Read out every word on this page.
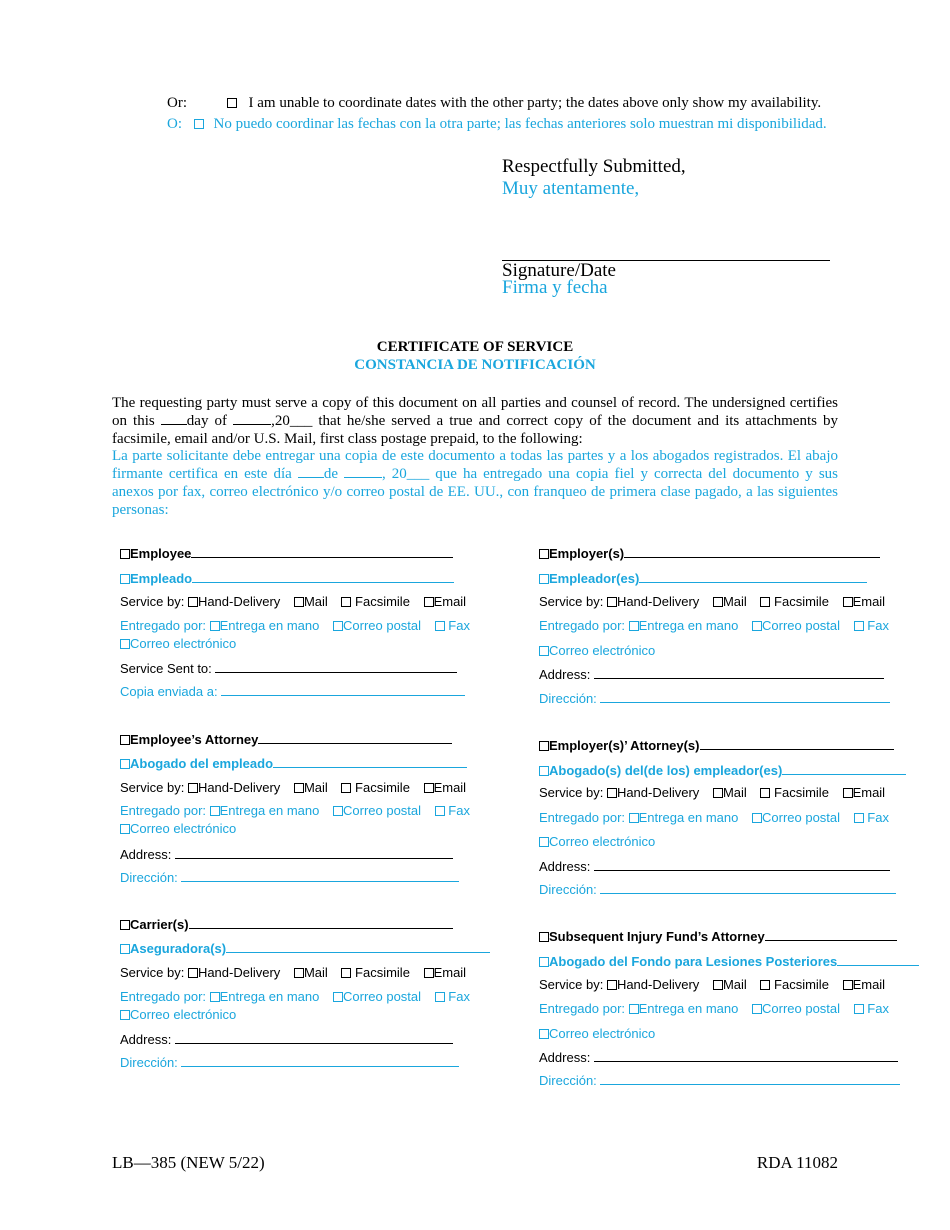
Or:	I am unable to coordinate dates with the other party; the dates above only show my availability.
O: No puedo coordinar las fechas con la otra parte; las fechas anteriores solo muestran mi disponibilidad.
Respectfully Submitted,
Muy atentamente,
Signature/Date
Firma y fecha
CERTIFICATE OF SERVICE
CONSTANCIA DE NOTIFICACIÓN
The requesting party must serve a copy of this document on all parties and counsel of record. The undersigned certifies
on this day of	,20___ that he/she served a true and correct copy of the document and its attachments by
facsimile, email and/or U.S. Mail, first class postage prepaid, to the following:
La parte solicitante debe entregar una copia de este documento a todas las partes y a los abogados registrados. El abajo
firmante certifica en este día de	, 20___ que ha entregado una copia fiel y correcta del documento y sus
anexos por fax, correo electrónico y/o correo postal de EE. UU., con franqueo de primera clase pagado, a las siguientes
personas:
Employee
Empleado
Service by: Hand-Delivery Mail Facsimile Email
Entregado por: Entrega en mano Correo postal Fax
Correo electrónico
Service Sent to:
Copia enviada a:
Employee’s Attorney
Abogado del empleado
Service by: Hand-Delivery Mail Facsimile Email
Entregado por: Entrega en mano Correo postal Fax
Correo electrónico
Address:
Dirección:
Carrier(s)
Aseguradora(s)
Service by: Hand-Delivery Mail Facsimile Email
Entregado por: Entrega en mano Correo postal Fax
Correo electrónico
Address:
Dirección:
Employer(s)
Empleador(es)
Service by: Hand-Delivery Mail Facsimile Email
Entregado por: Entrega en mano Correo postal Fax
Correo electrónico
Address:
Dirección:
Employer(s)’ Attorney(s)
Abogado(s) del(de los) empleador(es)
Service by: Hand-Delivery Mail Facsimile Email
Entregado por: Entrega en mano Correo postal Fax
Correo electrónico
Address:
Dirección:
Subsequent Injury Fund’s Attorney
Abogado del Fondo para Lesiones Posteriores
Service by: Hand-Delivery Mail Facsimile Email
Entregado por: Entrega en mano Correo postal Fax
Correo electrónico
Address:
Dirección:
LB—385 (NEW 5/22)	RDA 11082
